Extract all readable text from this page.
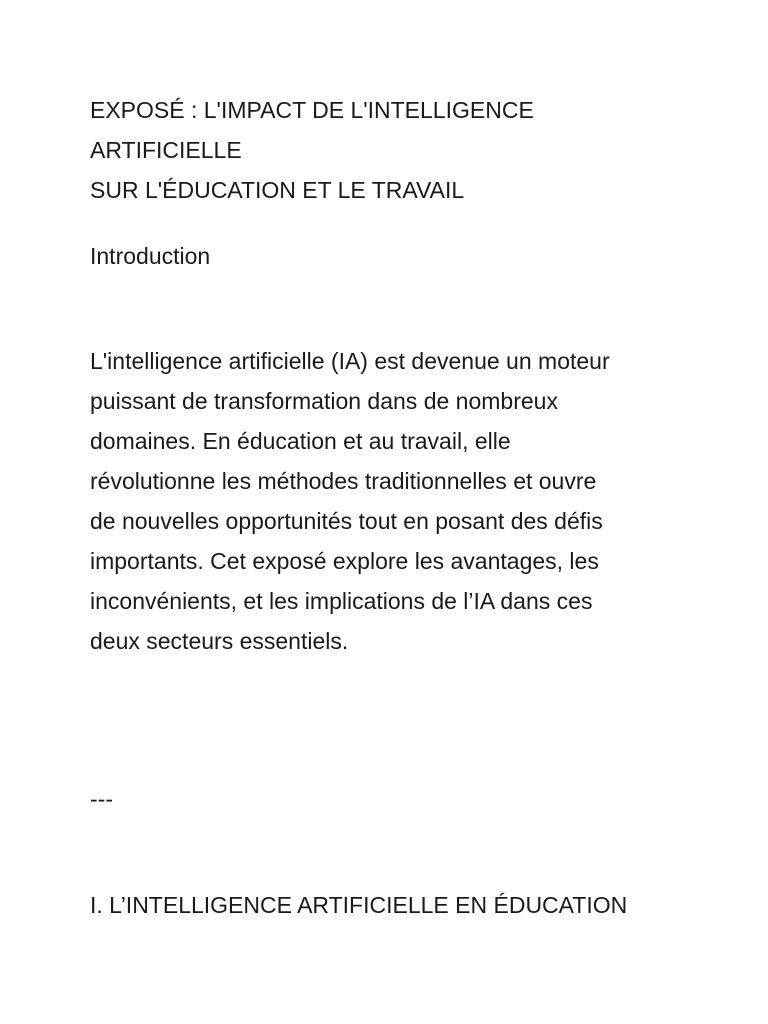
EXPOSÉ : L'IMPACT DE L'INTELLIGENCE ARTIFICIELLE
SUR L'ÉDUCATION ET LE TRAVAIL
Introduction

L'intelligence artificielle (IA) est devenue un moteur
puissant de transformation dans de nombreux
domaines. En éducation et au travail, elle
révolutionne les méthodes traditionnelles et ouvre
de nouvelles opportunités tout en posant des défis
importants. Cet exposé explore les avantages, les
inconvénients, et les implications de l’IA dans ces
deux secteurs essentiels.

---

I. L’INTELLIGENCE ARTIFICIELLE EN ÉDUCATION
